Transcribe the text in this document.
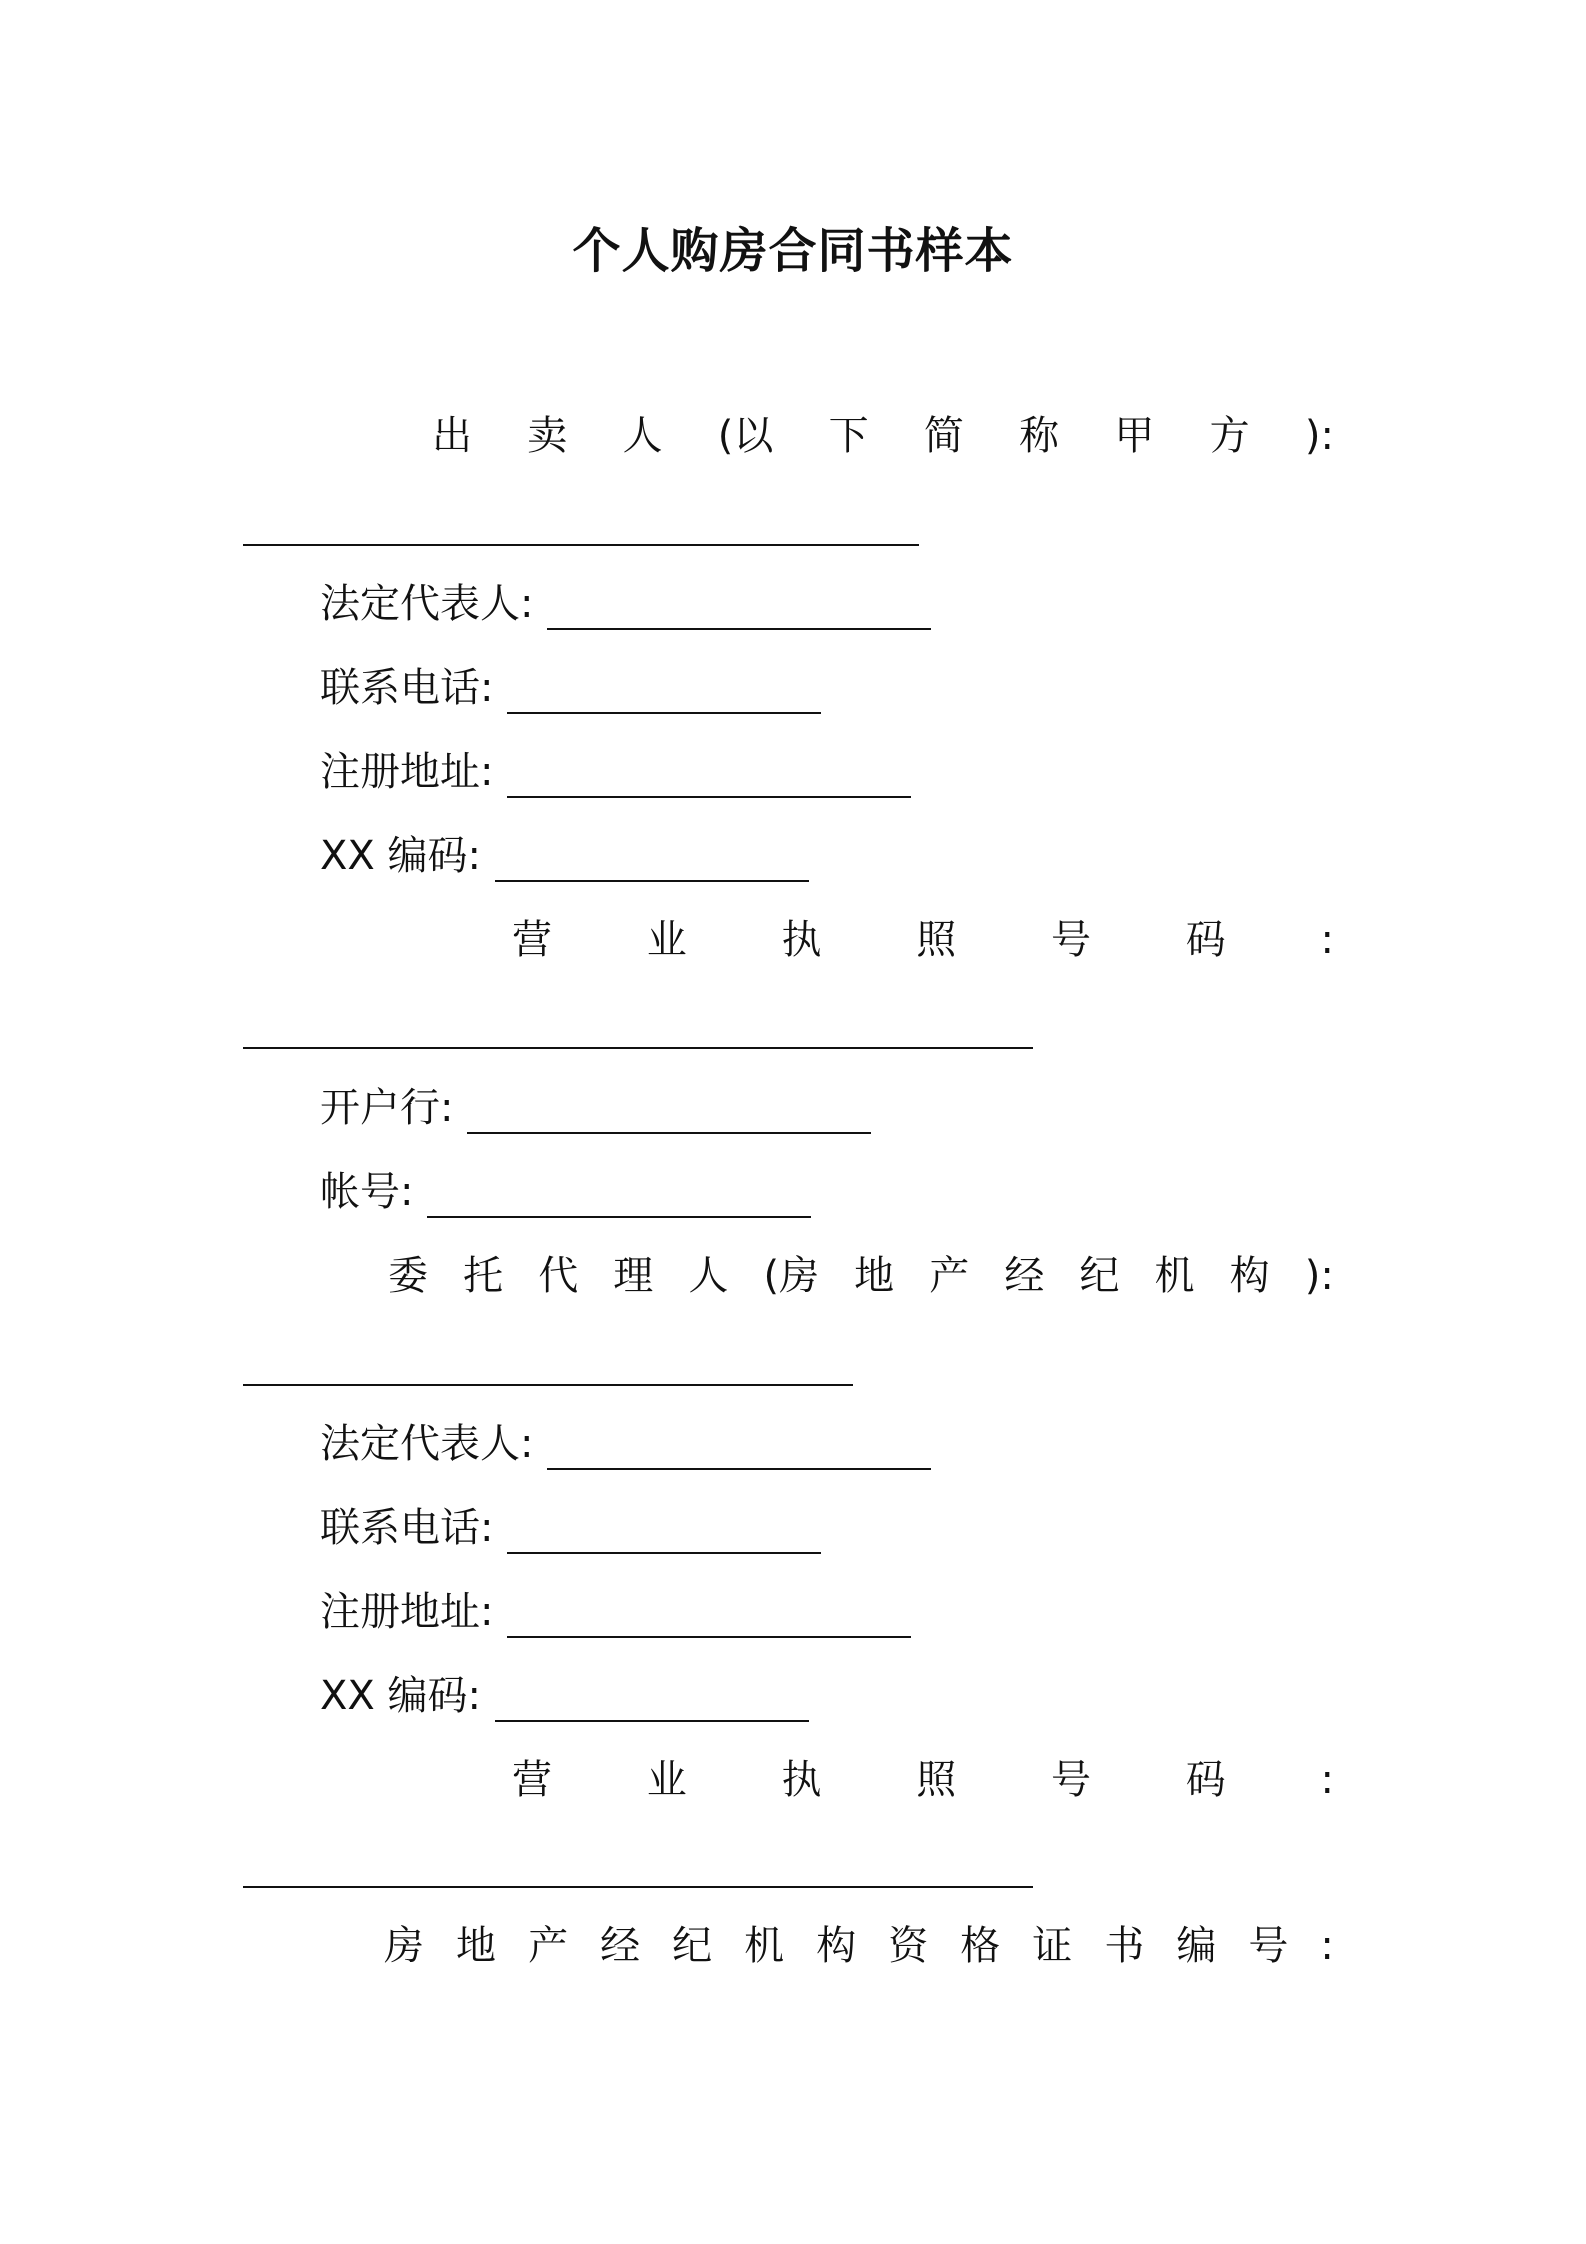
个人购房合同书样本
出 卖 人 (以 下 简 称 甲 方 ):
法定代表人:
联系电话:
注册地址:
XX 编码:
营 业 执 照 号 码 :
开户行:
帐号:
委 托 代 理 人 (房 地 产 经 纪 机 构 ):
法定代表人:
联系电话:
注册地址:
XX 编码:
营 业 执 照 号 码 :
房 地 产 经 纪 机 构 资 格 证 书 编 号 :
